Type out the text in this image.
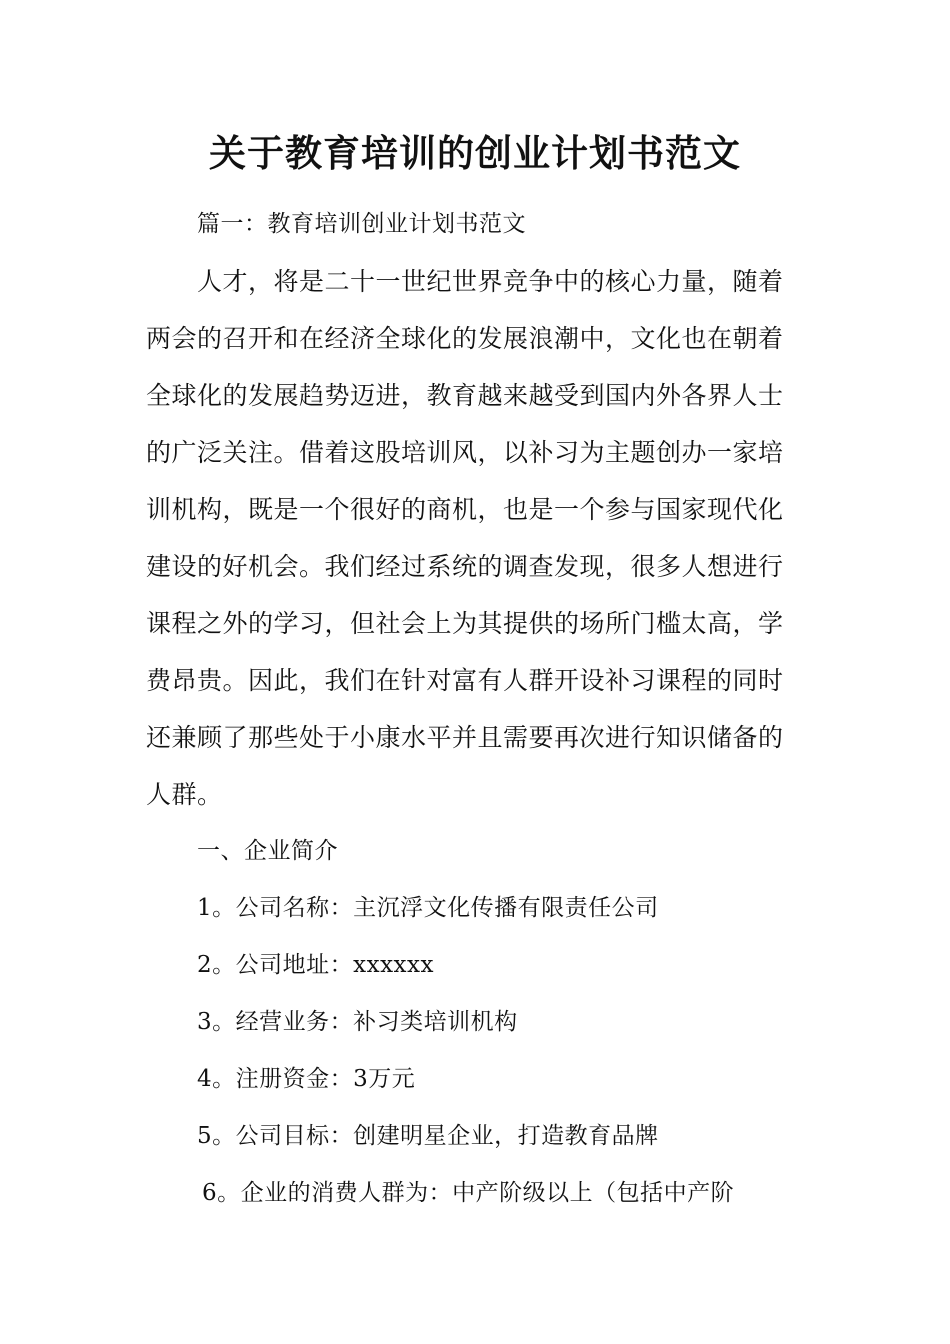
关于教育培训的创业计划书范文
篇一：教育培训创业计划书范文
人才，将是二十一世纪世界竞争中的核心力量，随着
两会的召开和在经济全球化的发展浪潮中，文化也在朝着
全球化的发展趋势迈进，教育越来越受到国内外各界人士
的广泛关注。借着这股培训风，以补习为主题创办一家培
训机构，既是一个很好的商机，也是一个参与国家现代化
建设的好机会。我们经过系统的调查发现，很多人想进行
课程之外的学习，但社会上为其提供的场所门槛太高，学
费昂贵。因此，我们在针对富有人群开设补习课程的同时
还兼顾了那些处于小康水平并且需要再次进行知识储备的
人群。
一、企业简介
1。公司名称：主沉浮文化传播有限责任公司
2。公司地址：xxxxxx
3。经营业务：补习类培训机构
4。注册资金：3万元
5。公司目标：创建明星企业，打造教育品牌
6。企业的消费人群为：中产阶级以上（包括中产阶
